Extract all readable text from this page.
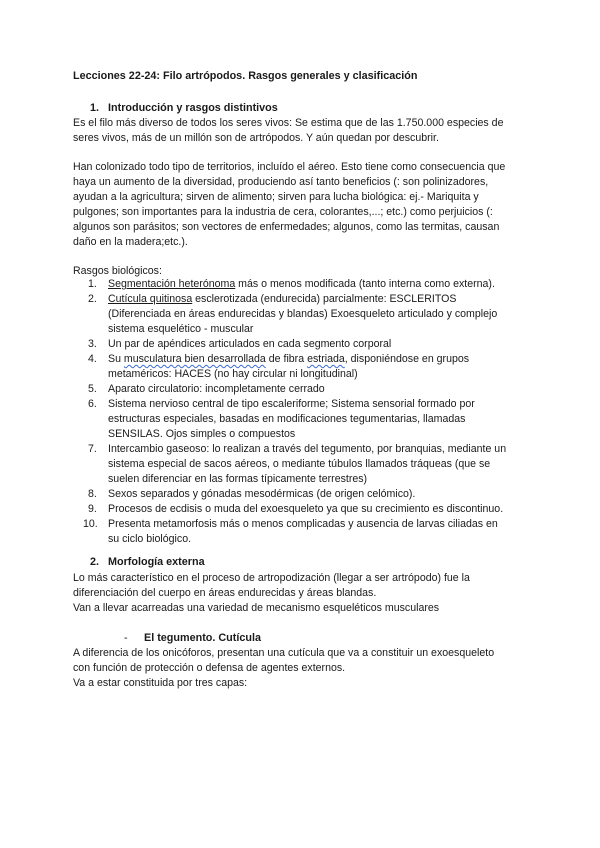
Lecciones 22-24: Filo artrópodos. Rasgos generales y clasificación
1. Introducción y rasgos distintivos
Es el filo más diverso de todos los seres vivos: Se estima que de las 1.750.000 especies de
seres vivos, más de un millón son de artrópodos. Y aún quedan por descubrir.
Han colonizado todo tipo de territorios, incluído el aéreo. Esto tiene como consecuencia que
haya un aumento de la diversidad, produciendo así tanto beneficios (: son polinizadores,
ayudan a la agricultura; sirven de alimento; sirven para lucha biológica: ej.- Mariquita y
pulgones; son importantes para la industria de cera, colorantes,...; etc.) como perjuicios (:
algunos son parásitos; son vectores de enfermedades; algunos, como las termitas, causan
daño en la madera;etc.).
Rasgos biológicos:
1.	Segmentación heterónoma más o menos modificada (tanto interna como externa).
2.	Cutícula quitinosa esclerotizada (endurecida) parcialmente: ESCLERITOS
(Diferenciada en áreas endurecidas y blandas) Exoesqueleto articulado y complejo
sistema esquelético - muscular
3.	Un par de apéndices articulados en cada segmento corporal
4.	Su musculatura bien desarrollada de fibra estriada, disponiéndose en grupos
metaméricos: HACES (no hay circular ni longitudinal)
5.	Aparato circulatorio: incompletamente cerrado
6.	Sistema nervioso central de tipo escaleriforme; Sistema sensorial formado por
estructuras especiales, basadas en modificaciones tegumentarias, llamadas
SENSILAS. Ojos simples o compuestos
7.	Intercambio gaseoso: lo realizan a través del tegumento, por branquias, mediante un
sistema especial de sacos aéreos, o mediante túbulos llamados tráqueas (que se
suelen diferenciar en las formas típicamente terrestres)
8.	Sexos separados y gónadas mesodérmicas (de origen celómico).
9.	Procesos de ecdisis o muda del exoesqueleto ya que su crecimiento es discontinuo.
10. Presenta metamorfosis más o menos complicadas y ausencia de larvas ciliadas en
su ciclo biológico.
2. Morfología externa
Lo más característico en el proceso de artropodización (llegar a ser artrópodo) fue la
diferenciación del cuerpo en áreas endurecidas y áreas blandas.
Van a llevar acarreadas una variedad de mecanismo esqueléticos musculares
- El tegumento. Cutícula
A diferencia de los onicóforos, presentan una cutícula que va a constituir un exoesqueleto
con función de protección o defensa de agentes externos.
Va a estar constituida por tres capas:
